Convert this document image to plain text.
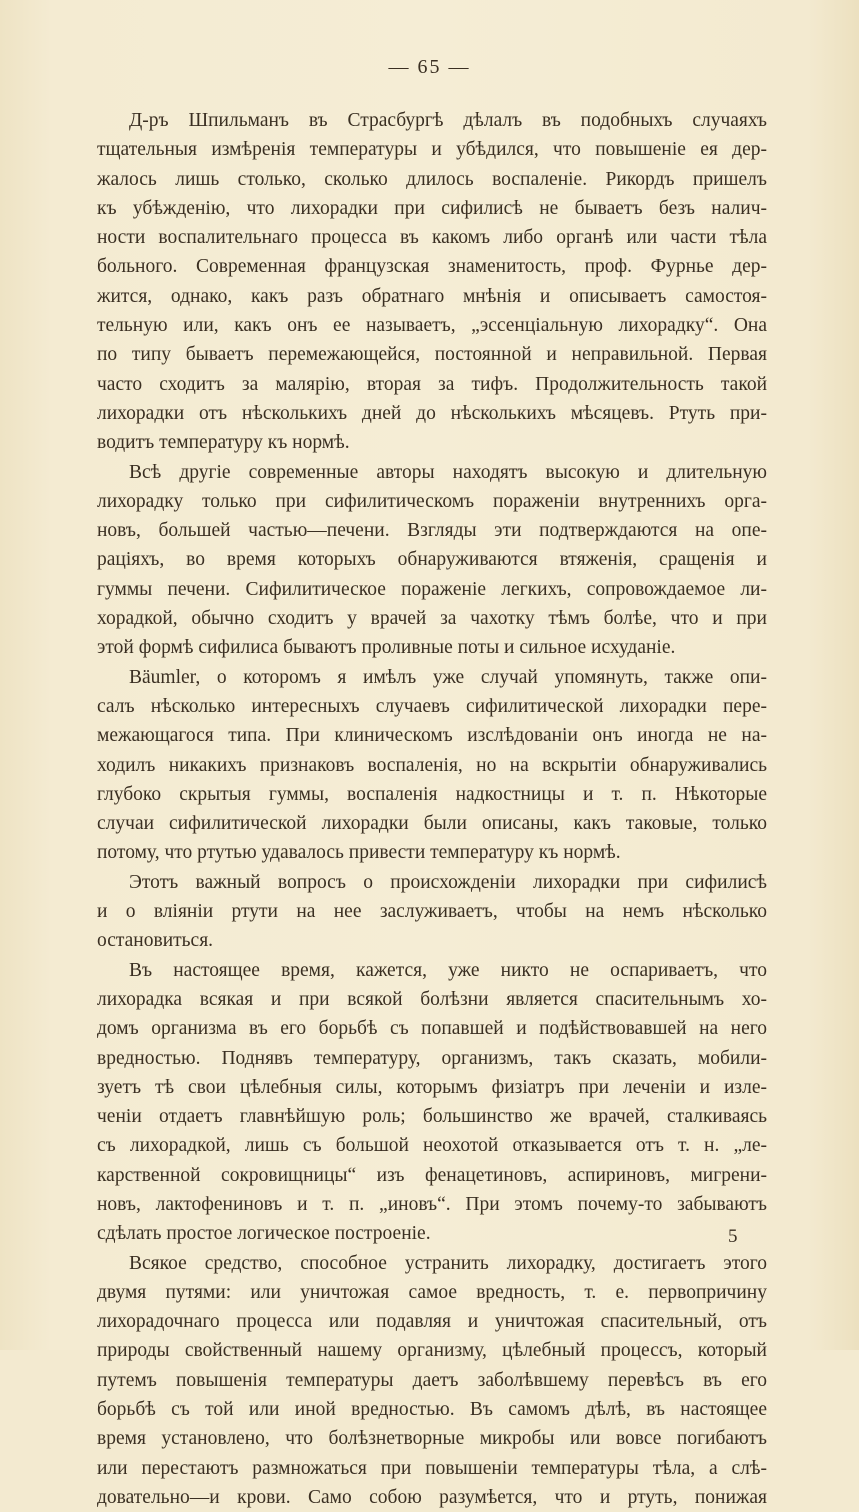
— 65 —

Д-ръ Шпильманъ въ Страсбургѣ дѣлалъ въ подобныхъ случаяхъ

тщательныя измѣренія температуры и убѣдился, что повышеніе ея дер-

жалось лишь столько, сколько длилось воспаленіе. Рикордъ пришелъ

къ убѣжденію, что лихорадки при сифилисѣ не бываетъ безъ налич-

ности воспалительнаго процесса въ какомъ либо органѣ или части тѣла

больного. Современная французская знаменитость, проф. Фурнье дер-

жится, однако, какъ разъ обратнаго мнѣнія и описываетъ самостоя-

тельную или, какъ онъ ее называетъ, „эссенціальную лихорадку“. Она

по типу бываетъ перемежающейся, постоянной и неправильной. Первая

часто сходитъ за малярію, вторая за тифъ. Продолжительность такой

лихорадки отъ нѣсколькихъ дней до нѣсколькихъ мѣсяцевъ. Ртуть при-

водитъ температуру къ нормѣ.

Всѣ другіе современные авторы находятъ высокую и длительную

лихорадку только при сифилитическомъ пораженіи внутреннихъ орга-

новъ, большей частью—печени. Взгляды эти подтверждаются на опе-

раціяхъ, во время которыхъ обнаруживаются втяженія, сращенія и

гуммы печени. Сифилитическое пораженіе легкихъ, сопровождаемое ли-

хорадкой, обычно сходитъ у врачей за чахотку тѣмъ болѣе, что и при

этой формѣ сифилиса бываютъ проливные поты и сильное исхуданіе.

Bäumler, о которомъ я имѣлъ уже случай упомянуть, также опи-

салъ нѣсколько интересныхъ случаевъ сифилитической лихорадки пере-

межающагося типа. При клиническомъ изслѣдованіи онъ иногда не на-

ходилъ никакихъ признаковъ воспаленія, но на вскрытіи обнаруживались

глубоко скрытыя гуммы, воспаленія надкостницы и т. п. Нѣкоторые

случаи сифилитической лихорадки были описаны, какъ таковые, только

потому, что ртутью удавалось привести температуру къ нормѣ.

Этотъ важный вопросъ о происхожденіи лихорадки при сифилисѣ

и о вліяніи ртути на нее заслуживаетъ, чтобы на немъ нѣсколько

остановиться.

Въ настоящее время, кажется, уже никто не оспариваетъ, что

лихорадка всякая и при всякой болѣзни является спасительнымъ хо-

домъ организма въ его борьбѣ съ попавшей и подѣйствовавшей на него

вредностью. Поднявъ температуру, организмъ, такъ сказать, мобили-

зуетъ тѣ свои цѣлебныя силы, которымъ физіатръ при леченіи и изле-

ченіи отдаетъ главнѣйшую роль; большинство же врачей, сталкиваясь

съ лихорадкой, лишь съ большой неохотой отказывается отъ т. н. „ле-

карственной сокровищницы“ изъ фенацетиновъ, аспириновъ, мигрени-

новъ, лактофениновъ и т. п. „иновъ“. При этомъ почему-то забываютъ

сдѣлать простое логическое построеніе.

Всякое средство, способное устранить лихорадку, достигаетъ этого

двумя путями: или уничтожая самое вредность, т. е. первопричину

лихорадочнаго процесса или подавляя и уничтожая спасительный, отъ

природы свойственный нашему организму, цѣлебный процессъ, который

путемъ повышенія температуры даетъ заболѣвшему перевѣсъ въ его

борьбѣ съ той или иной вредностью. Въ самомъ дѣлѣ, въ настоящее

время установлено, что болѣзнетворные микробы или вовсе погибаютъ

или перестаютъ размножаться при повышеніи температуры тѣла, а слѣ-

довательно—и крови. Само собою разумѣется, что и ртуть, понижая

5
